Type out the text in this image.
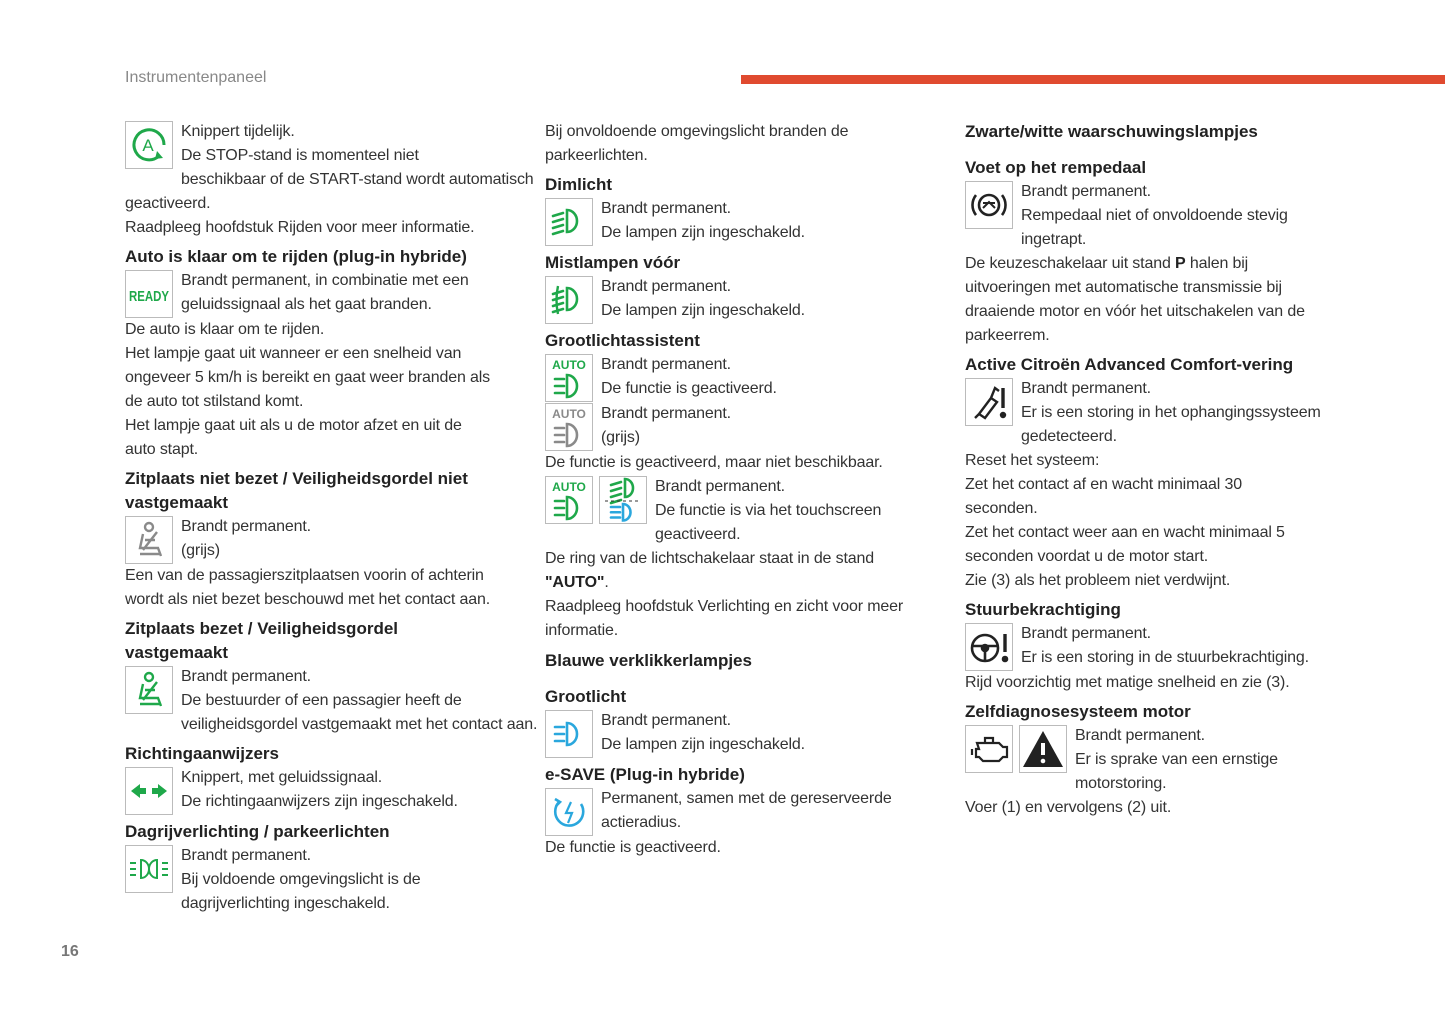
Instrumentenpaneel
A
Knippert tijdelijk.
De STOP-stand is momenteel niet
beschikbaar of de START-stand wordt automatisch
geactiveerd.
Raadpleeg hoofdstuk Rijden voor meer informatie.
Auto is klaar om te rijden (plug-in hybride)
READY
Brandt permanent, in combinatie met een
geluidssignaal als het gaat branden.
De auto is klaar om te rijden.
Het lampje gaat uit wanneer er een snelheid van
ongeveer 5 km/h is bereikt en gaat weer branden als
de auto tot stilstand komt.
Het lampje gaat uit als u de motor afzet en uit de
auto stapt.
Zitplaats niet bezet / Veiligheidsgordel niet
vastgemaakt
Brandt permanent.
(grijs)
Een van de passagierszitplaatsen voorin of achterin
wordt als niet bezet beschouwd met het contact aan.
Zitplaats bezet / Veiligheidsgordel
vastgemaakt
Brandt permanent.
De bestuurder of een passagier heeft de
veiligheidsgordel vastgemaakt met het contact aan.
Richtingaanwijzers
Knippert, met geluidssignaal.
De richtingaanwijzers zijn ingeschakeld.
Dagrijverlichting / parkeerlichten
Brandt permanent.
Bij voldoende omgevingslicht is de
dagrijverlichting ingeschakeld.
Bij onvoldoende omgevingslicht branden de
parkeerlichten.
Dimlicht
Brandt permanent.
De lampen zijn ingeschakeld.
Mistlampen vóór
Brandt permanent.
De lampen zijn ingeschakeld.
Grootlichtassistent
AUTO Brandt permanent.
De functie is geactiveerd.
AUTO Brandt permanent.
(grijs)
De functie is geactiveerd, maar niet beschikbaar.
AUTO	Brandt permanent.
De functie is via het touchscreen
geactiveerd.
De ring van de lichtschakelaar staat in de stand
"AUTO".
Raadpleeg hoofdstuk Verlichting en zicht voor meer
informatie.
Blauwe verklikkerlampjes
Grootlicht
Brandt permanent.
De lampen zijn ingeschakeld.
e-SAVE (Plug-in hybride)
Permanent, samen met de gereserveerde
actieradius.
De functie is geactiveerd.
Zwarte/witte waarschuwingslampjes
Voet op het rempedaal
Brandt permanent.
Rempedaal niet of onvoldoende stevig
ingetrapt.
De keuzeschakelaar uit stand P halen bij
uitvoeringen met automatische transmissie bij
draaiende motor en vóór het uitschakelen van de
parkeerrem.
Active Citroën Advanced Comfort-vering
Brandt permanent.
Er is een storing in het ophangingssysteem
gedetecteerd.
Reset het systeem:
Zet het contact af en wacht minimaal 30
seconden.
Zet het contact weer aan en wacht minimaal 5
seconden voordat u de motor start.
Zie (3) als het probleem niet verdwijnt.
Stuurbekrachtiging
Brandt permanent.
Er is een storing in de stuurbekrachtiging.
Rijd voorzichtig met matige snelheid en zie (3).
Zelfdiagnosesysteem motor
Brandt permanent.
Er is sprake van een ernstige
motorstoring.
Voer (1) en vervolgens (2) uit.
16
